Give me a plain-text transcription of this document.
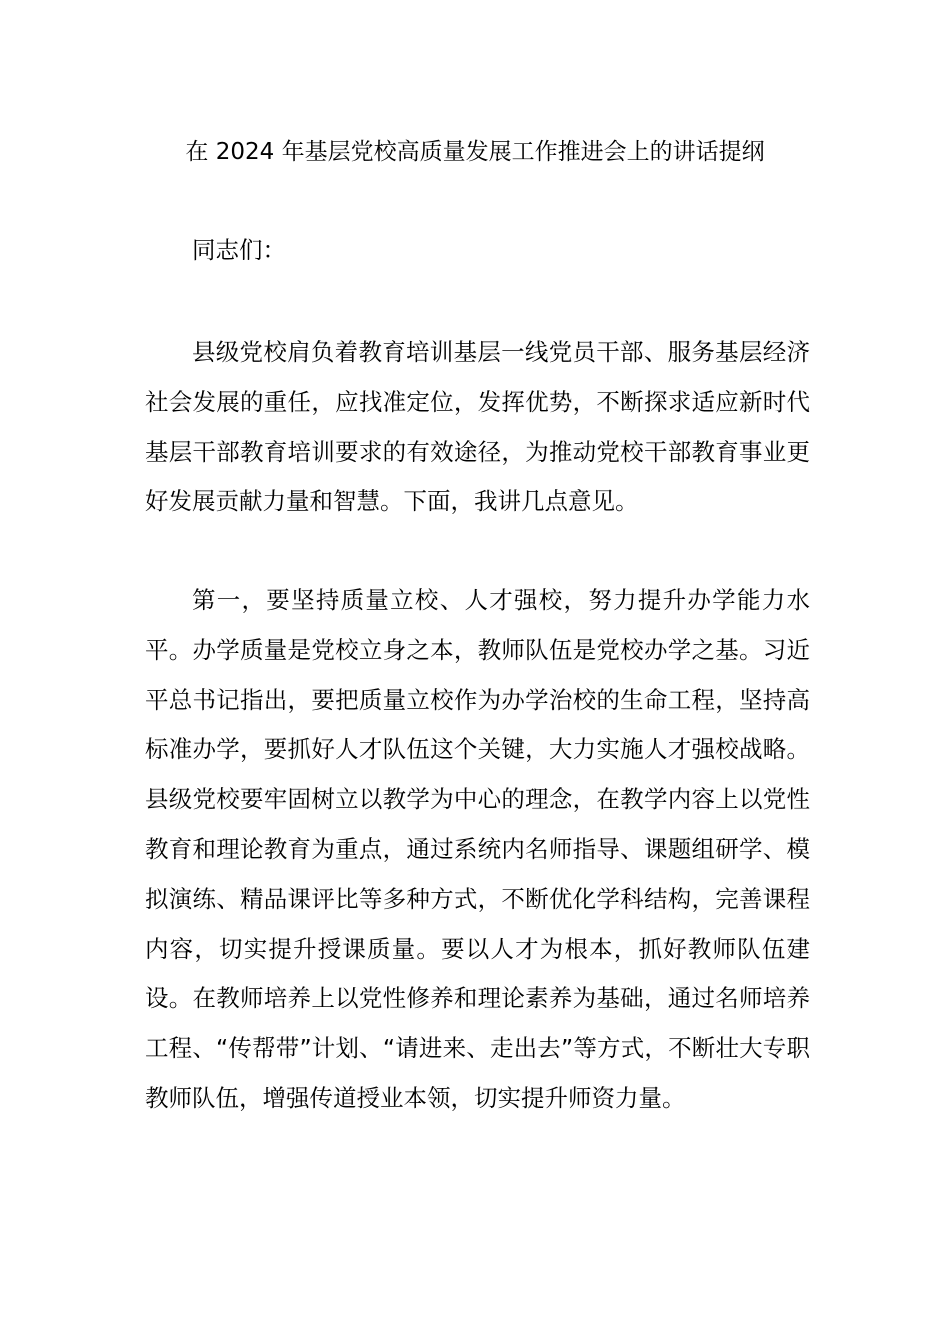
在 2024 年基层党校高质量发展工作推进会上的讲话提纲

同志们：

县级党校肩负着教育培训基层一线党员干部、服务基层经济社会发展的重任，应找准定位，发挥优势，不断探求适应新时代基层干部教育培训要求的有效途径，为推动党校干部教育事业更好发展贡献力量和智慧。下面，我讲几点意见。

第一，要坚持质量立校、人才强校，努力提升办学能力水平。办学质量是党校立身之本，教师队伍是党校办学之基。习近平总书记指出，要把质量立校作为办学治校的生命工程，坚持高标准办学，要抓好人才队伍这个关键，大力实施人才强校战略。县级党校要牢固树立以教学为中心的理念，在教学内容上以党性教育和理论教育为重点，通过系统内名师指导、课题组研学、模拟演练、精品课评比等多种方式，不断优化学科结构，完善课程内容，切实提升授课质量。要以人才为根本，抓好教师队伍建设。在教师培养上以党性修养和理论素养为基础，通过名师培养工程、“传帮带”计划、“请进来、走出去”等方式，不断壮大专职教师队伍，增强传道授业本领，切实提升师资力量。
